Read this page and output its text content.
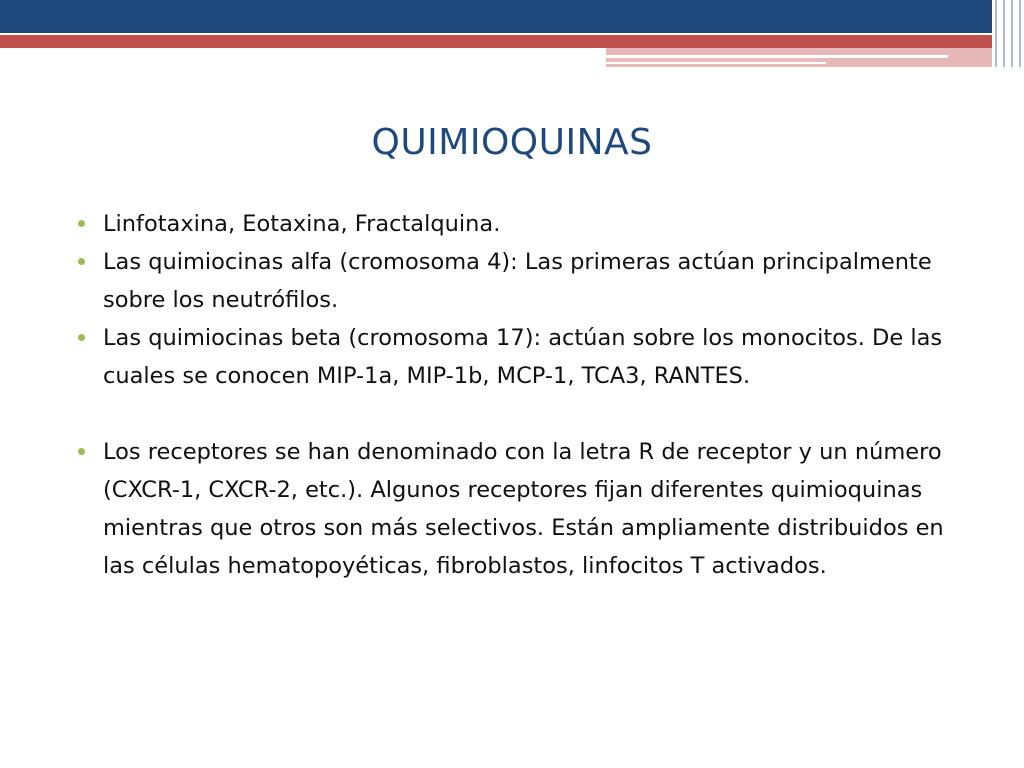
QUIMIOQUINAS
Linfotaxina, Eotaxina, Fractalquina.
Las quimiocinas alfa (cromosoma 4): Las primeras actúan principalmente sobre los neutrófilos.
Las quimiocinas beta (cromosoma 17): actúan sobre los monocitos. De las cuales se conocen MIP-1a, MIP-1b, MCP-1, TCA3, RANTES.
Los receptores se han denominado con la letra R de receptor y un número (CXCR-1, CXCR-2, etc.). Algunos receptores fijan diferentes quimioquinas mientras que otros son más selectivos. Están ampliamente distribuidos en las células hematopoyéticas, fibroblastos, linfocitos T activados.
